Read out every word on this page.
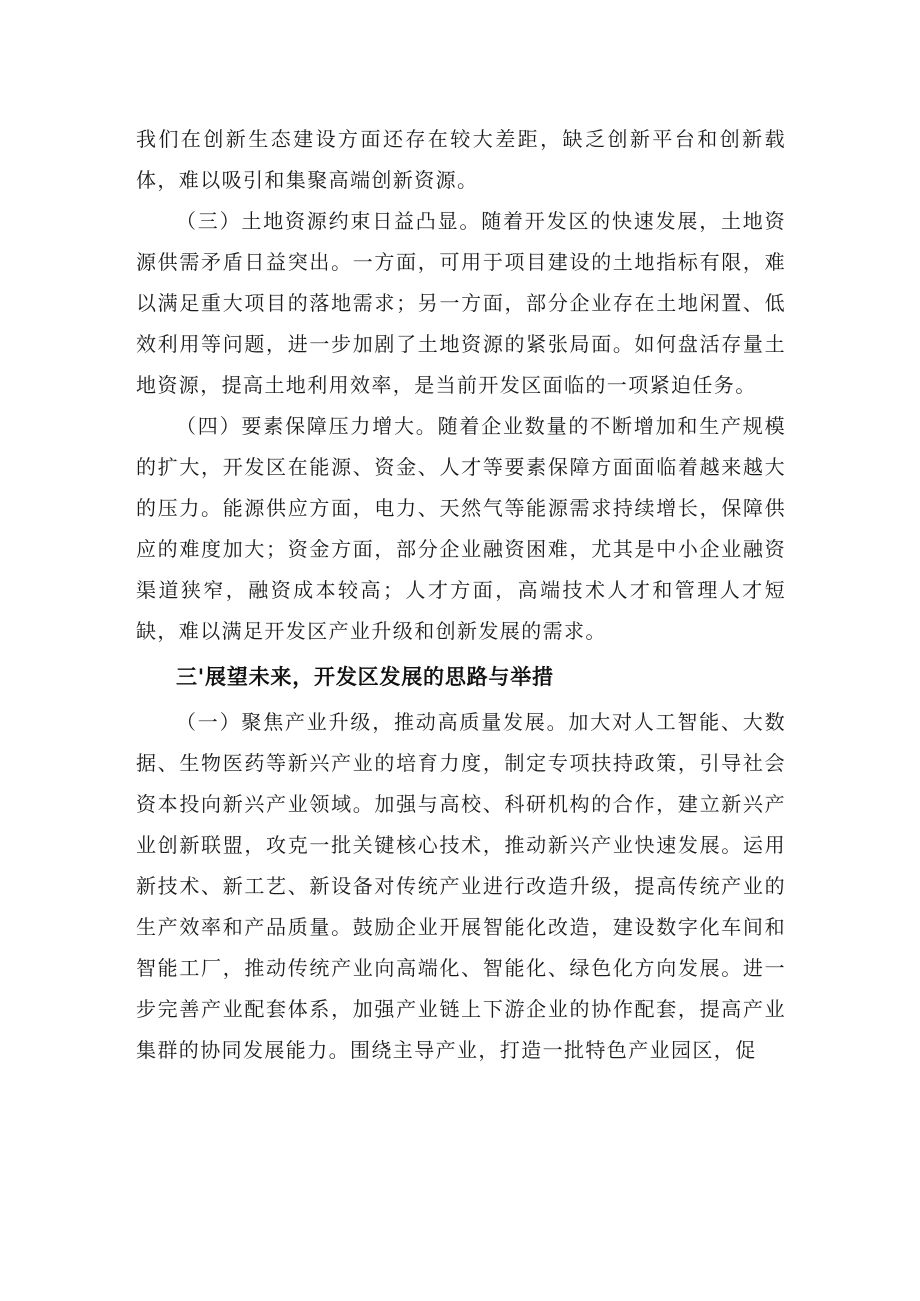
我们在创新生态建设方面还存在较大差距，缺乏创新平台和创新载体，难以吸引和集聚高端创新资源。

（三）土地资源约束日益凸显。随着开发区的快速发展，土地资源供需矛盾日益突出。一方面，可用于项目建设的土地指标有限，难以满足重大项目的落地需求；另一方面，部分企业存在土地闲置、低效利用等问题，进一步加剧了土地资源的紧张局面。如何盘活存量土地资源，提高土地利用效率，是当前开发区面临的一项紧迫任务。

（四）要素保障压力增大。随着企业数量的不断增加和生产规模的扩大，开发区在能源、资金、人才等要素保障方面面临着越来越大的压力。能源供应方面，电力、天然气等能源需求持续增长，保障供应的难度加大；资金方面，部分企业融资困难，尤其是中小企业融资渠道狭窄，融资成本较高；人才方面，高端技术人才和管理人才短缺，难以满足开发区产业升级和创新发展的需求。

三'展望未来，开发区发展的思路与举措

（一）聚焦产业升级，推动高质量发展。加大对人工智能、大数据、生物医药等新兴产业的培育力度，制定专项扶持政策，引导社会资本投向新兴产业领域。加强与高校、科研机构的合作，建立新兴产业创新联盟，攻克一批关键核心技术，推动新兴产业快速发展。运用新技术、新工艺、新设备对传统产业进行改造升级，提高传统产业的生产效率和产品质量。鼓励企业开展智能化改造，建设数字化车间和智能工厂，推动传统产业向高端化、智能化、绿色化方向发展。进一步完善产业配套体系，加强产业链上下游企业的协作配套，提高产业集群的协同发展能力。围绕主导产业，打造一批特色产业园区，促
